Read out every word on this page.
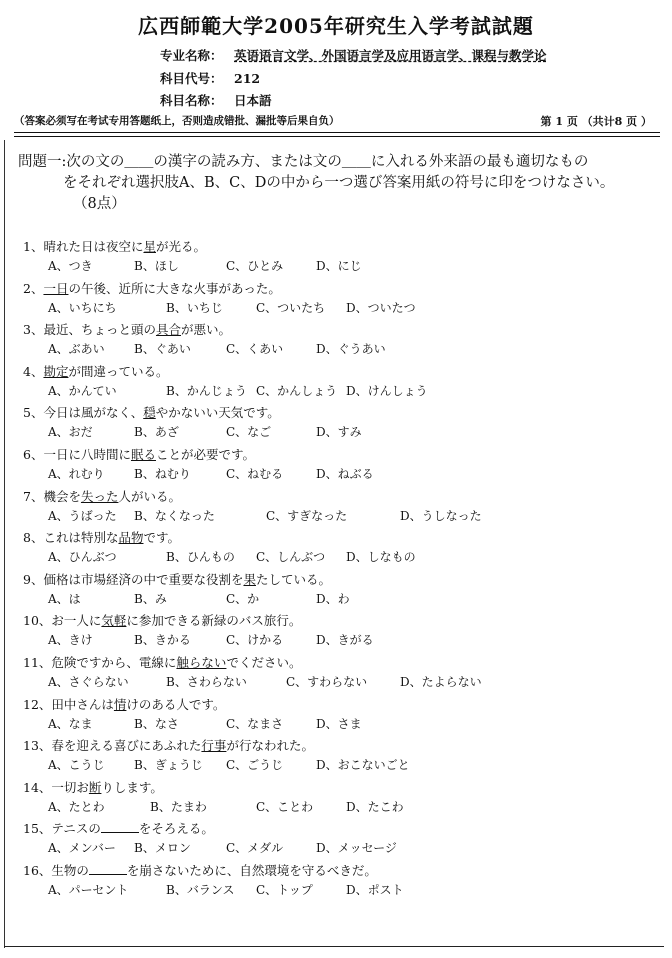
広西師範大学2005年研究生入学考試試題
专业名称： 英语语言文学、外国语言学及应用语言学、课程与教学论
科目代号： 212
科目名称： 日本語
（答案必须写在考试专用答题纸上，否则造成错批、漏批等后果自负）	第 1 页 （共计8 页 ）
問題一:次の文の＿＿の漢字の読み方、または文の＿＿に入れる外来語の最も適切なもの
をそれぞれ選択肢A、B、C、Dの中から一つ選び答案用紙の符号に印をつけなさい。
（8点）
1、晴れた日は夜空に星が光る。
A、つき	B、ほし	C、ひとみ	D、にじ
2、一日の午後、近所に大きな火事があった。
A、いちにち	B、いちじ	C、ついたち D、ついたつ
3、最近、ちょっと頭の具合が悪い。
A、ぶあい B、ぐあい	C、くあい	D、ぐうあい
4、勘定が間違っている。
A、かんてい	B、かんじょう C、かんしょう D、けんしょう
5、今日は風がなく、穏やかないい天気です。
A、おだ	B、あざ	C、なご	D、すみ
6、一日に八時間に眠ることが必要です。
A、れむり B、ねむり	C、ねむる	D、ねぶる
7、機会を失った人がいる。
A、うばった B、なくなった	C、すぎなった	D、うしなった
8、これは特別な品物です。
A、ひんぶつ	B、ひんもの C、しんぶつ D、しなもの
9、価格は市場経済の中で重要な役割を果たしている。
A、は	B、み	C、か	D、わ
10、お一人に気軽に参加できる新緑のバス旅行。
A、きけ	B、きかる	C、けかる	D、きがる
11、危険ですから、電線に触らないでください。
A、さぐらない	B、さわらない	C、すわらない	D、たよらない
12、田中さんは情けのある人です。
A、なま	B、なさ	C、なまさ	D、さま
13、春を迎える喜びにあふれた行事が行なわれた。
A、こうじ B、ぎょうじ C、ごうじ	D、おこないごと
14、一切お断りします。
A、たとわ	B、たまわ	C、ことわ	D、たこわ
15、テニスの	をそろえる。
A、メンバー B、メロン	C、メダル	D、メッセージ
16、生物の	を崩さないために、自然環境を守るべきだ。
A、パーセント	B、バランス C、トップ	D、ポスト
